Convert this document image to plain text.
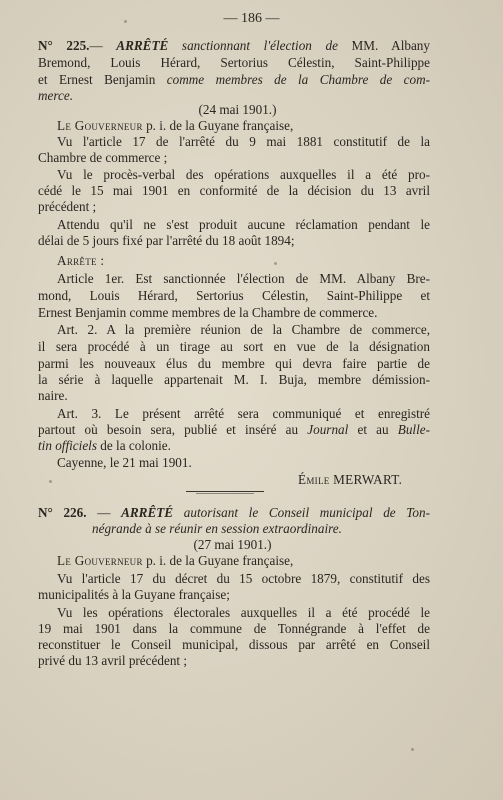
— 186 —
N° 225.— ARRÊTÉ sanctionnant l'élection de MM. Albany
Bremond, Louis Hérard, Sertorius Célestin, Saint-Philippe
et Ernest Benjamin comme membres de la Chambre de com-
merce.
(24 mai 1901.)
Le Gouverneur p. i. de la Guyane française,
Vu l'article 17 de l'arrêté du 9 mai 1881 constitutif de la
Chambre de commerce ;
Vu le procès-verbal des opérations auxquelles il a été pro-
cédé le 15 mai 1901 en conformité de la décision du 13 avril
précédent ;
Attendu qu'il ne s'est produit aucune réclamation pendant le
délai de 5 jours fixé par l'arrêté du 18 août 1894;
Arrête :
Article 1er. Est sanctionnée l'élection de MM. Albany Bre-
mond, Louis Hérard, Sertorius Célestin, Saint-Philippe et
Ernest Benjamin comme membres de la Chambre de commerce.
Art. 2. A la première réunion de la Chambre de commerce,
il sera procédé à un tirage au sort en vue de la désignation
parmi les nouveaux élus du membre qui devra faire partie de
la série à laquelle appartenait M. I. Buja, membre démission-
naire.
Art. 3. Le présent arrêté sera communiqué et enregistré
partout où besoin sera, publié et inséré au Journal et au Bulle-
tin officiels de la colonie.
Cayenne, le 21 mai 1901.
Émile MERWART.
N° 226. — ARRÊTÉ autorisant le Conseil municipal de Ton-
négrande à se réunir en session extraordinaire.
(27 mai 1901.)
Le Gouverneur p. i. de la Guyane française,
Vu l'article 17 du décret du 15 octobre 1879, constitutif des
municipalités à la Guyane française;
Vu les opérations électorales auxquelles il a été procédé le
19 mai 1901 dans la commune de Tonnégrande à l'effet de
reconstituer le Conseil municipal, dissous par arrêté en Conseil
privé du 13 avril précédent ;
